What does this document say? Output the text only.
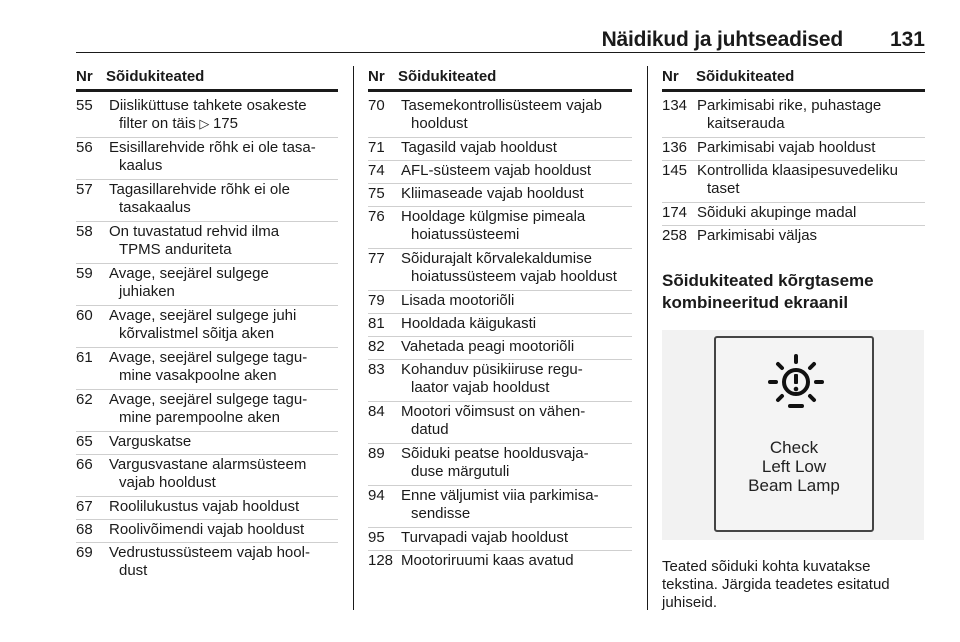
Näidikud ja juhtseadised 131
Nr Sõidukiteated
55 Diisliküttuse tahkete osakeste
filter on täis ▷ 175
56 Esisillarehvide rõhk ei ole tasa-
kaalus
57 Tagasillarehvide rõhk ei ole
tasakaalus
58 On tuvastatud rehvid ilma
TPMS anduriteta
59 Avage, seejärel sulgege
juhiaken
60 Avage, seejärel sulgege juhi
kõrvalistmel sõitja aken
61 Avage, seejärel sulgege tagu-
mine vasakpoolne aken
62 Avage, seejärel sulgege tagu-
mine parempoolne aken
65 Varguskatse
66 Vargusvastane alarmsüsteem
vajab hooldust
67 Roolilukustus vajab hooldust
68 Roolivõimendi vajab hooldust
69 Vedrustussüsteem vajab hool-
dust
Nr Sõidukiteated
70 Tasemekontrollisüsteem vajab
hooldust
71 Tagasild vajab hooldust
74 AFL-süsteem vajab hooldust
75 Kliimaseade vajab hooldust
76 Hooldage külgmise pimeala
hoiatussüsteemi
77 Sõidurajalt kõrvalekaldumise
hoiatussüsteem vajab hooldust
79 Lisada mootoriõli
81 Hooldada käigukasti
82 Vahetada peagi mootoriõli
83 Kohanduv püsikiiruse regu-
laator vajab hooldust
84 Mootori võimsust on vähen-
datud
89 Sõiduki peatse hooldusvaja-
duse märgutuli
94 Enne väljumist viia parkimisa-
sendisse
95 Turvapadi vajab hooldust
128 Mootoriruumi kaas avatud
Nr Sõidukiteated
134 Parkimisabi rike, puhastage
kaitserauda
136 Parkimisabi vajab hooldust
145 Kontrollida klaasipesuvedeliku
taset
174 Sõiduki akupinge madal
258 Parkimisabi väljas
Sõidukiteated kõrgtaseme
kombineeritud ekraanil
Check
Left Low
Beam Lamp
Teated sõiduki kohta kuvatakse
tekstina. Järgida teadetes esitatud
juhiseid.
